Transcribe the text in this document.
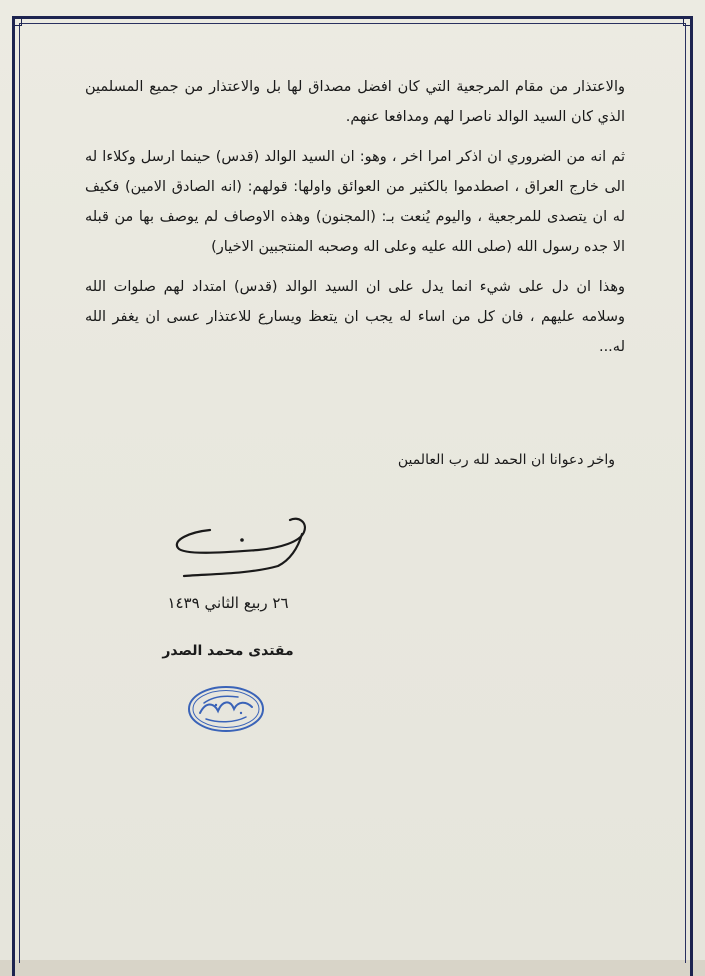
والاعتذار من مقام المرجعية التي كان افضل مصداق لها بل والاعتذار من جميع المسلمين الذي كان السيد الوالد ناصرا لهم ومدافعا عنهم.

ثم انه من الضروري ان اذكر امرا اخر ، وهو: ان السيد الوالد (قدس) حينما ارسل وكلاءا له الى خارج العراق ، اصطدموا بالكثير من العوائق واولها: قولهم: (انه الصادق الامين) فكيف له ان يتصدى للمرجعية ، واليوم يُنعت بـ: (المجنون) وهذه الاوصاف لم يوصف بها من قبله الا جده رسول الله (صلى الله عليه وعلى اله وصحبه المنتجبين الاخيار)

وهذا ان دل على شيء انما يدل على ان السيد الوالد (قدس) امتداد لهم صلوات الله وسلامه عليهم ، فان كل من اساء له يجب ان يتعظ ويسارع للاعتذار عسى ان يغفر الله له...

واخر دعوانا ان الحمد لله رب العالمين
٢٦ ربيع الثاني ١٤٣٩
مقتدى محمد الصدر
